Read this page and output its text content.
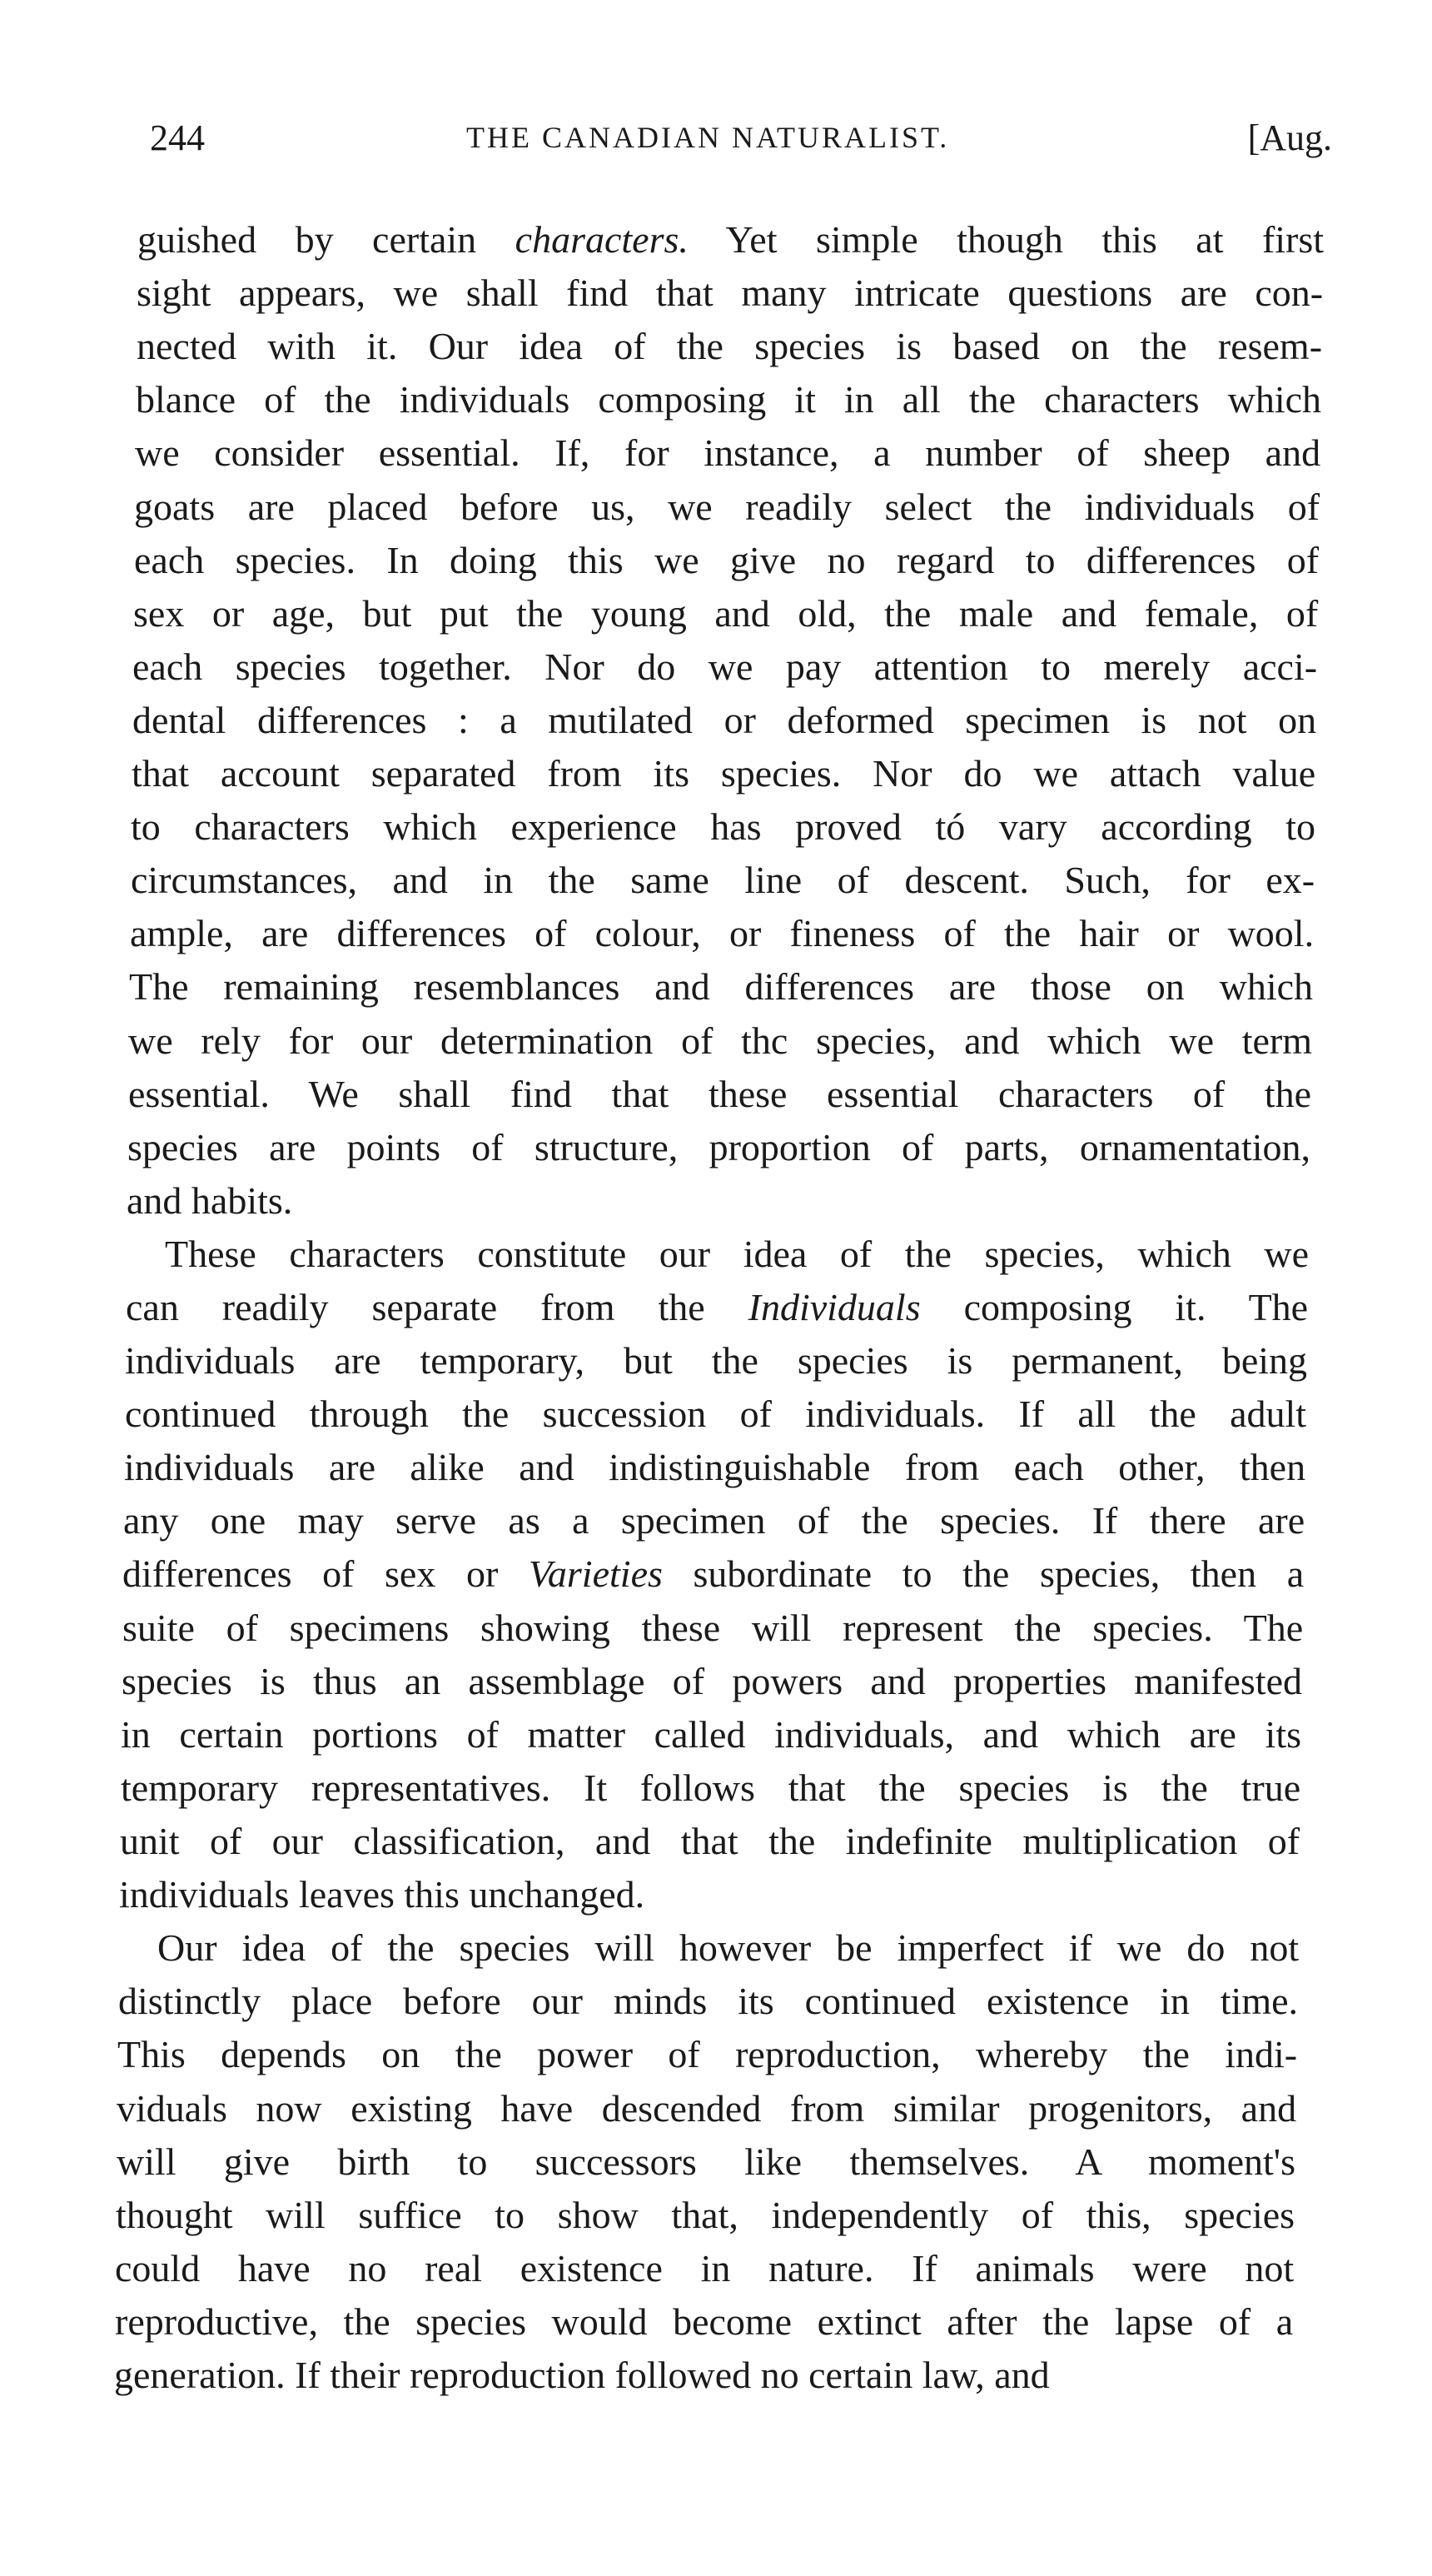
244	THE CANADIAN NATURALIST.	[Aug.
guished by certain characters. Yet simple though this at first
sight appears, we shall find that many intricate questions are con-
nected with it. Our idea of the species is based on the resem-
blance of the individuals composing it in all the characters which
we consider essential. If, for instance, a number of sheep and
goats are placed before us, we readily select the individuals of
each species. In doing this we give no regard to differences of
sex or age, but put the young and old, the male and female, of
each species together. Nor do we pay attention to merely acci-
dental differences : a mutilated or deformed specimen is not on
that account separated from its species. Nor do we attach value
to characters which experience has proved tó vary according to
circumstances, and in the same line of descent. Such, for ex-
ample, are differences of colour, or fineness of the hair or wool.
The remaining resemblances and differences are those on which
we rely for our determination of thc species, and which we term
essential. We shall find that these essential characters of the
species are points of structure, proportion of parts, ornamentation,
and habits.
These characters constitute our idea of the species, which we
can readily separate from the Individuals composing it. The
individuals are temporary, but the species is permanent, being
continued through the succession of individuals. If all the adult
individuals are alike and indistinguishable from each other, then
any one may serve as a specimen of the species. If there are
differences of sex or Varieties subordinate to the species, then a
suite of specimens showing these will represent the species. The
species is thus an assemblage of powers and properties manifested
in certain portions of matter called individuals, and which are its
temporary representatives. It follows that the species is the true
unit of our classification, and that the indefinite multiplication of
individuals leaves this unchanged.
Our idea of the species will however be imperfect if we do not
distinctly place before our minds its continued existence in time.
This depends on the power of reproduction, whereby the indi-
viduals now existing have descended from similar progenitors, and
will give birth to successors like themselves. A moment's
thought will suffice to show that, independently of this, species
could have no real existence in nature. If animals were not
reproductive, the species would become extinct after the lapse of a
generation. If their reproduction followed no certain law, and
